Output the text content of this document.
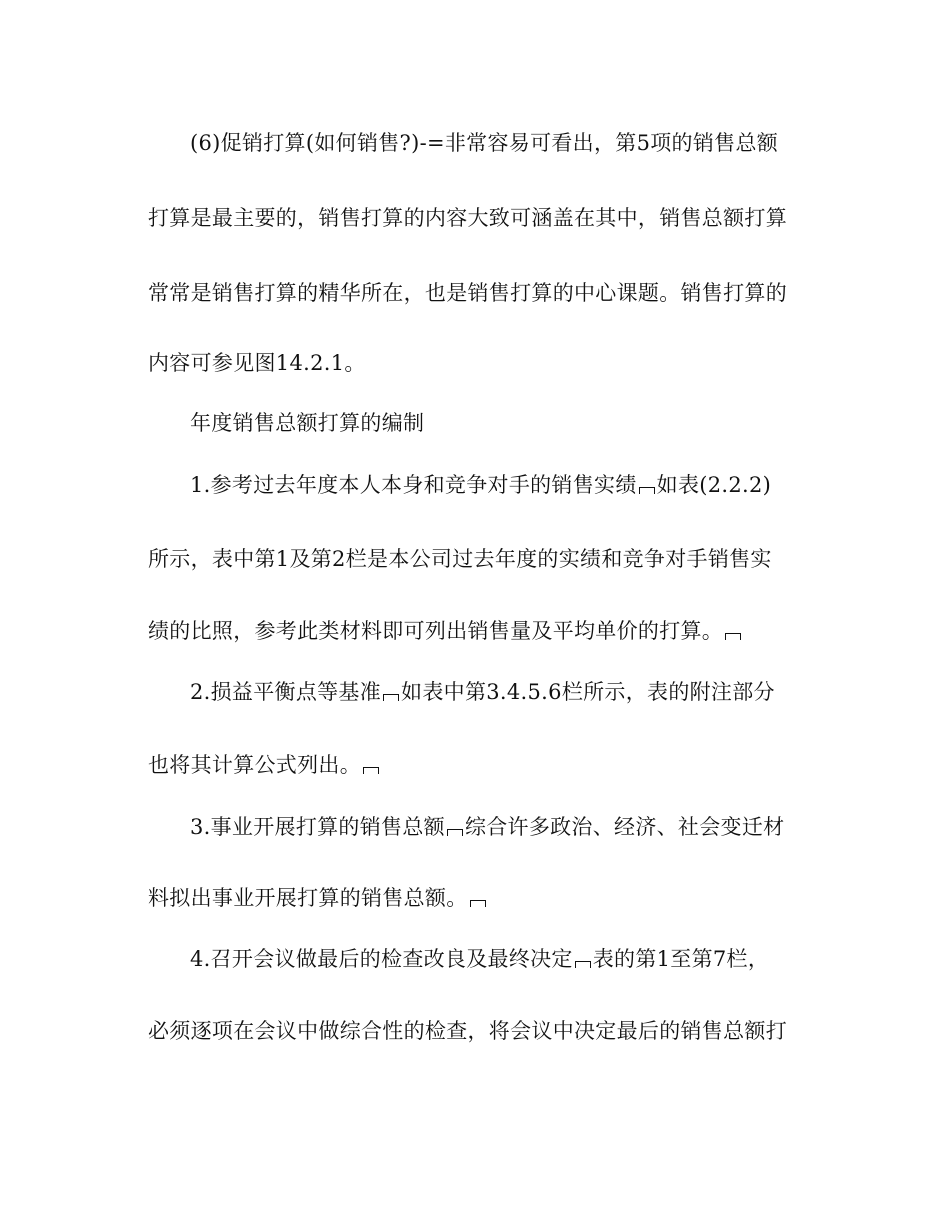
(6)促销打算(如何销售?)-=非常容易可看出，第5项的销售总额
打算是最主要的，销售打算的内容大致可涵盖在其中，销售总额打算
常常是销售打算的精华所在，也是销售打算的中心课题。销售打算的
内容可参见图14.2.1。
年度销售总额打算的编制
1.参考过去年度本人本身和竞争对手的销售实绩 如表(2.2.2)
所示，表中第1及第2栏是本公司过去年度的实绩和竞争对手销售实
绩的比照，参考此类材料即可列出销售量及平均单价的打算。
2.损益平衡点等基准 如表中第3.4.5.6栏所示，表的附注部分
也将其计算公式列出。
3.事业开展打算的销售总额 综合许多政治、经济、社会变迁材
料拟出事业开展打算的销售总额。
4.召开会议做最后的检查改良及最终决定 表的第1至第7栏，
必须逐项在会议中做综合性的检查，将会议中决定最后的销售总额打
